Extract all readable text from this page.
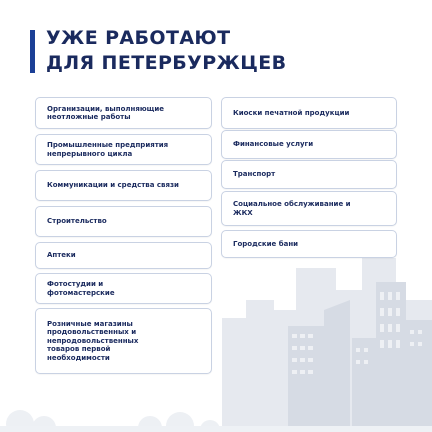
УЖЕ РАБОТАЮТ
ДЛЯ ПЕТЕРБУРЖЦЕВ
Организации, выполняющие неотложные работы
Промышленные предприятия непрерывного цикла
Коммуникации и средства связи
Строительство
Аптеки
Фотостудии и фотомастерские
Розничные магазины продовольственных и непродовольственных товаров первой необходимости
Киоски печатной продукции
Финансовые услуги
Транспорт
Социальное обслуживание и ЖКХ
Городские бани
